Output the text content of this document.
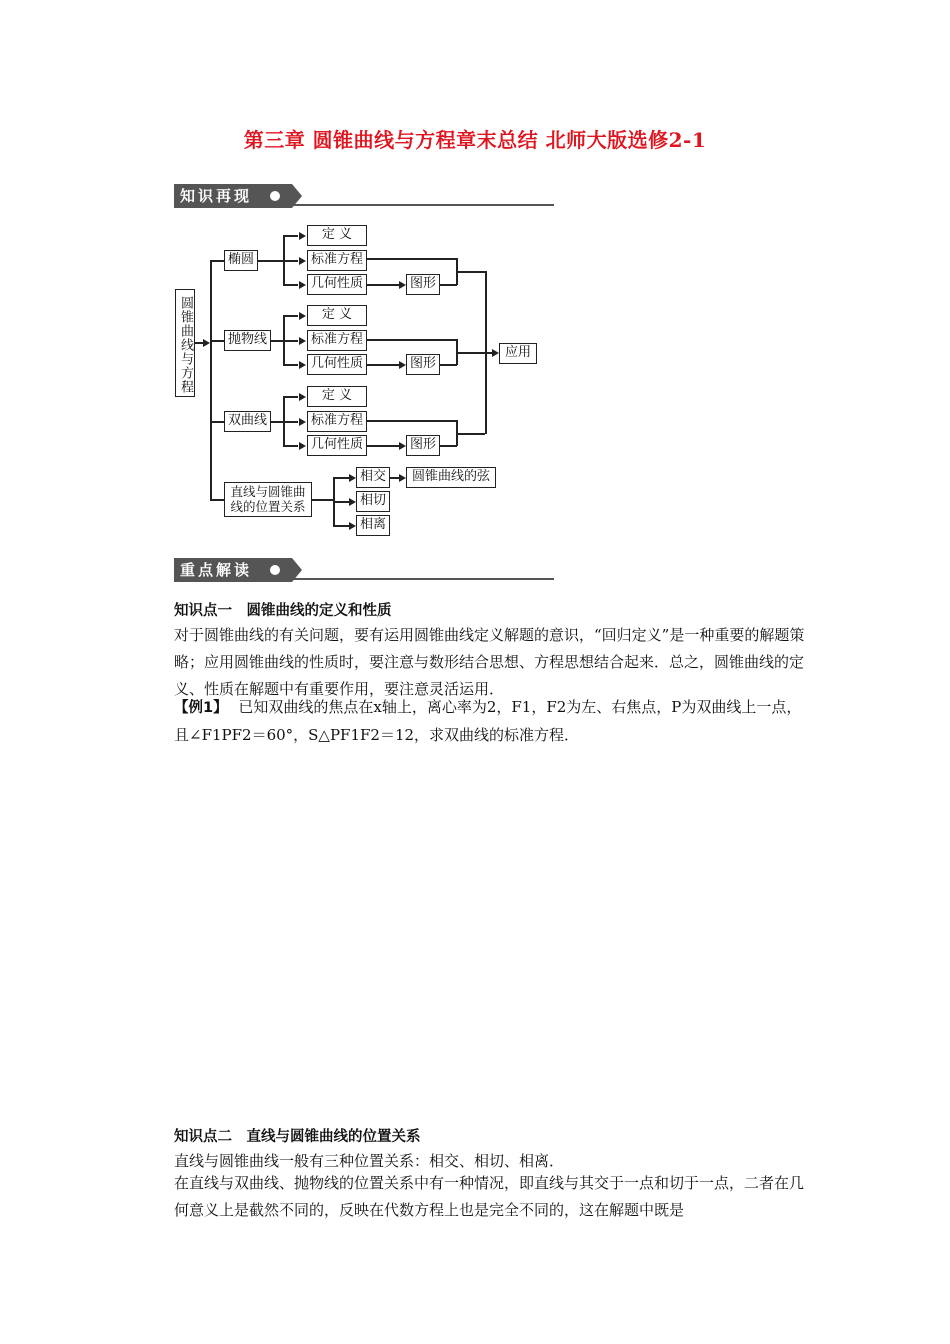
第三章 圆锥曲线与方程章末总结 北师大版选修2-1
知识再现
圆锥曲线与方程
椭圆
抛物线
双曲线
直线与圆锥曲线的位置关系
定 义
标准方程
几何性质	图形
定 义
标准方程
几何性质	图形
定 义
标准方程
几何性质	图形
应用
相交
相切
相离
圆锥曲线的弦
重点解读
知识点一　圆锥曲线的定义和性质
对于圆锥曲线的有关问题，要有运用圆锥曲线定义解题的意识，“回归定义”是一种重要的解题策略；应用圆锥曲线的性质时，要注意与数形结合思想、方程思想结合起来．总之，圆锥曲线的定义、性质在解题中有重要作用，要注意灵活运用．
【例1】 已知双曲线的焦点在x轴上，离心率为2，F1，F2为左、右焦点，P为双曲线上一点，且∠F1PF2＝60°，S△PF1F2＝12，求双曲线的标准方程．
知识点二　直线与圆锥曲线的位置关系
直线与圆锥曲线一般有三种位置关系：相交、相切、相离．
在直线与双曲线、抛物线的位置关系中有一种情况，即直线与其交于一点和切于一点，二者在几何意义上是截然不同的，反映在代数方程上也是完全不同的，这在解题中既是
